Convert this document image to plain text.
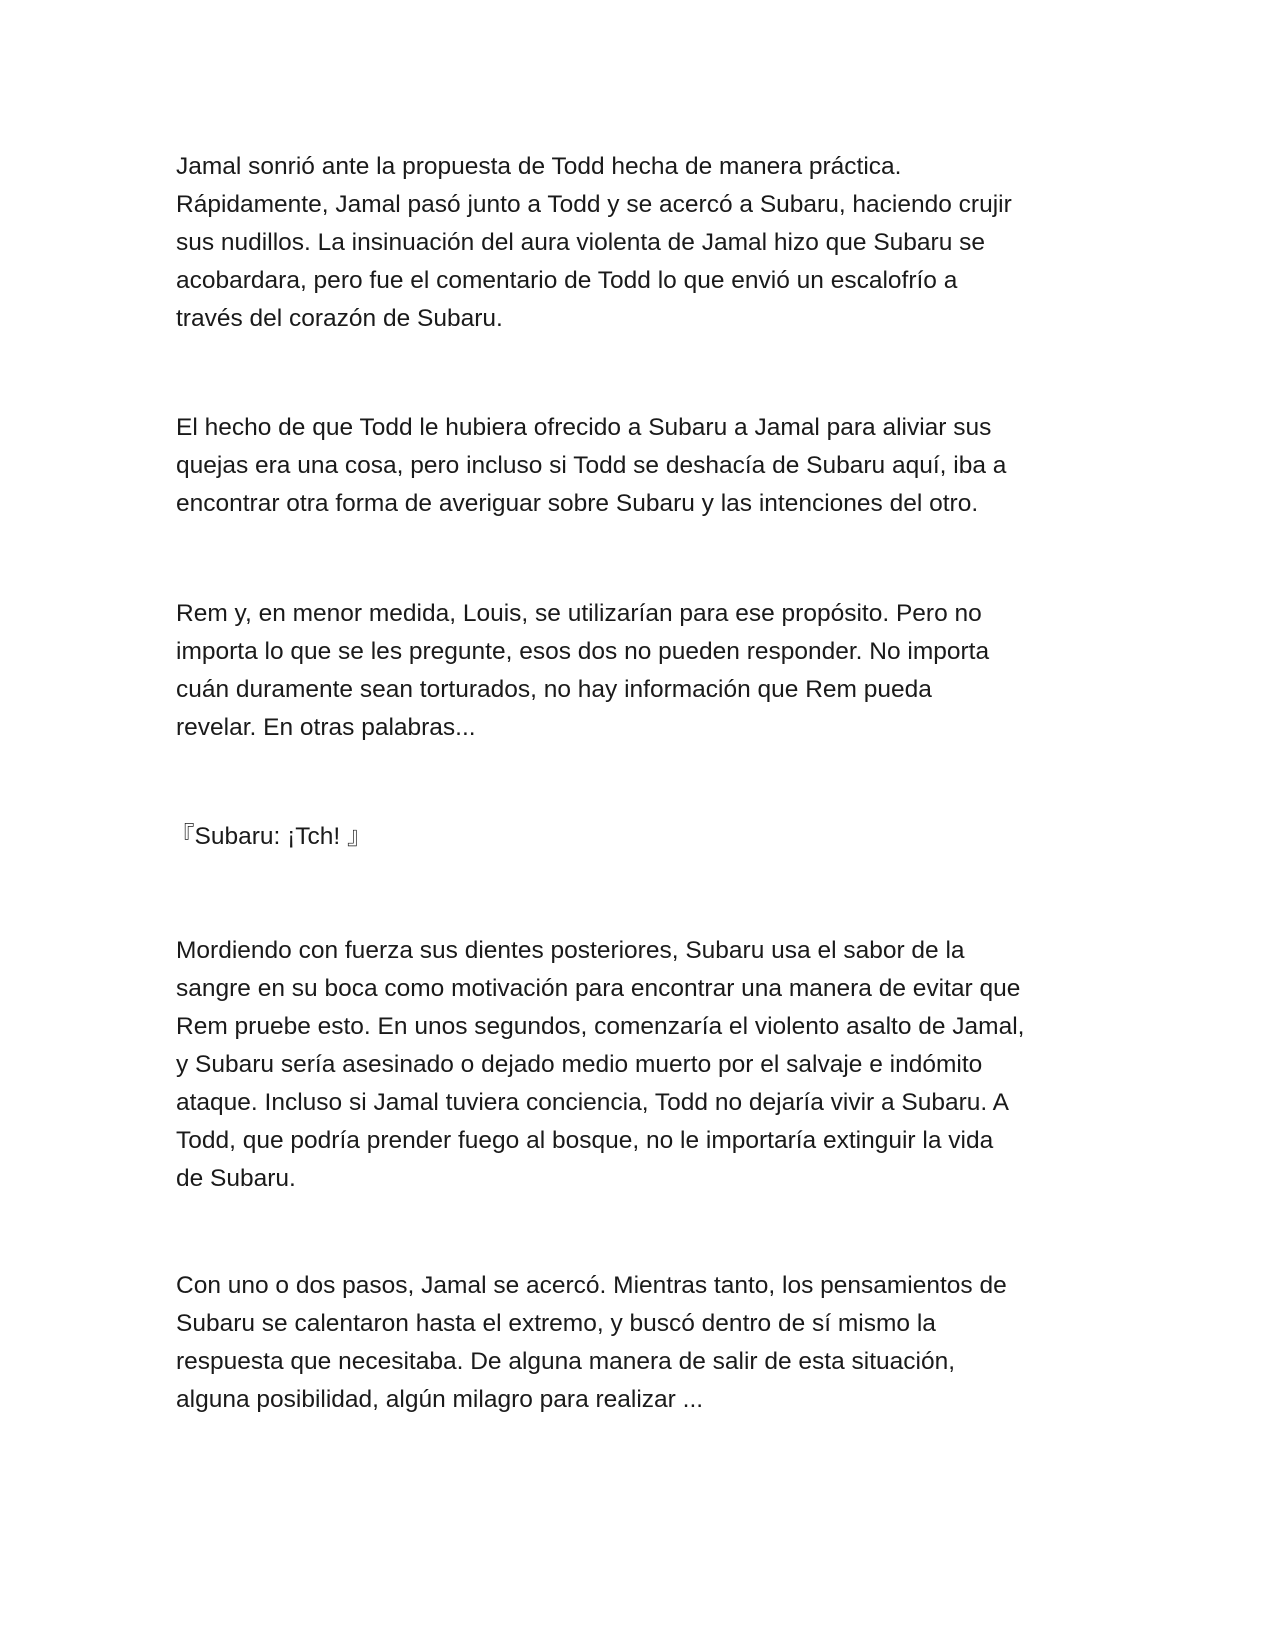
Jamal sonrió ante la propuesta de Todd hecha de manera práctica.
Rápidamente, Jamal pasó junto a Todd y se acercó a Subaru, haciendo crujir
sus nudillos. La insinuación del aura violenta de Jamal hizo que Subaru se
acobardara, pero fue el comentario de Todd lo que envió un escalofrío a
través del corazón de Subaru.
El hecho de que Todd le hubiera ofrecido a Subaru a Jamal para aliviar sus
quejas era una cosa, pero incluso si Todd se deshacía de Subaru aquí, iba a
encontrar otra forma de averiguar sobre Subaru y las intenciones del otro.
Rem y, en menor medida, Louis, se utilizarían para ese propósito. Pero no
importa lo que se les pregunte, esos dos no pueden responder. No importa
cuán duramente sean torturados, no hay información que Rem pueda
revelar. En otras palabras...
『Subaru: ¡Tch! 』
Mordiendo con fuerza sus dientes posteriores, Subaru usa el sabor de la
sangre en su boca como motivación para encontrar una manera de evitar que
Rem pruebe esto. En unos segundos, comenzaría el violento asalto de Jamal,
y Subaru sería asesinado o dejado medio muerto por el salvaje e indómito
ataque. Incluso si Jamal tuviera conciencia, Todd no dejaría vivir a Subaru. A
Todd, que podría prender fuego al bosque, no le importaría extinguir la vida
de Subaru.
Con uno o dos pasos, Jamal se acercó. Mientras tanto, los pensamientos de
Subaru se calentaron hasta el extremo, y buscó dentro de sí mismo la
respuesta que necesitaba. De alguna manera de salir de esta situación,
alguna posibilidad, algún milagro para realizar ...
